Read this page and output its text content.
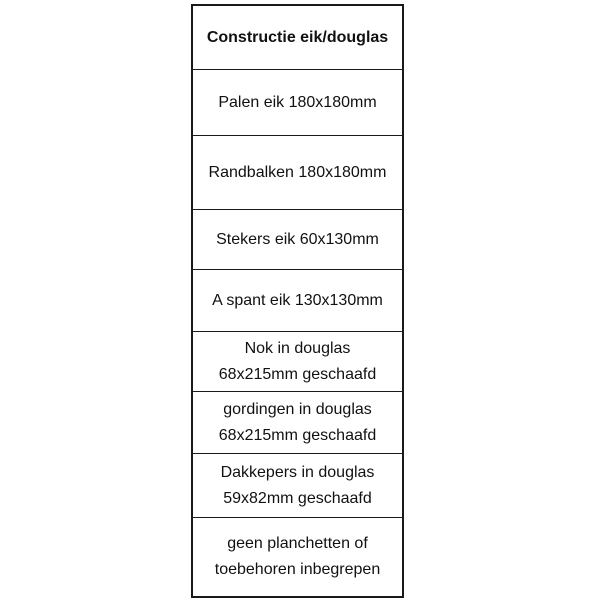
Constructie eik/douglas
Palen eik 180x180mm
Randbalken 180x180mm
Stekers eik 60x130mm
A spant eik 130x130mm
Nok in douglas
68x215mm geschaafd
gordingen in douglas
68x215mm geschaafd
Dakkepers in douglas
59x82mm geschaafd
geen planchetten of
toebehoren inbegrepen
